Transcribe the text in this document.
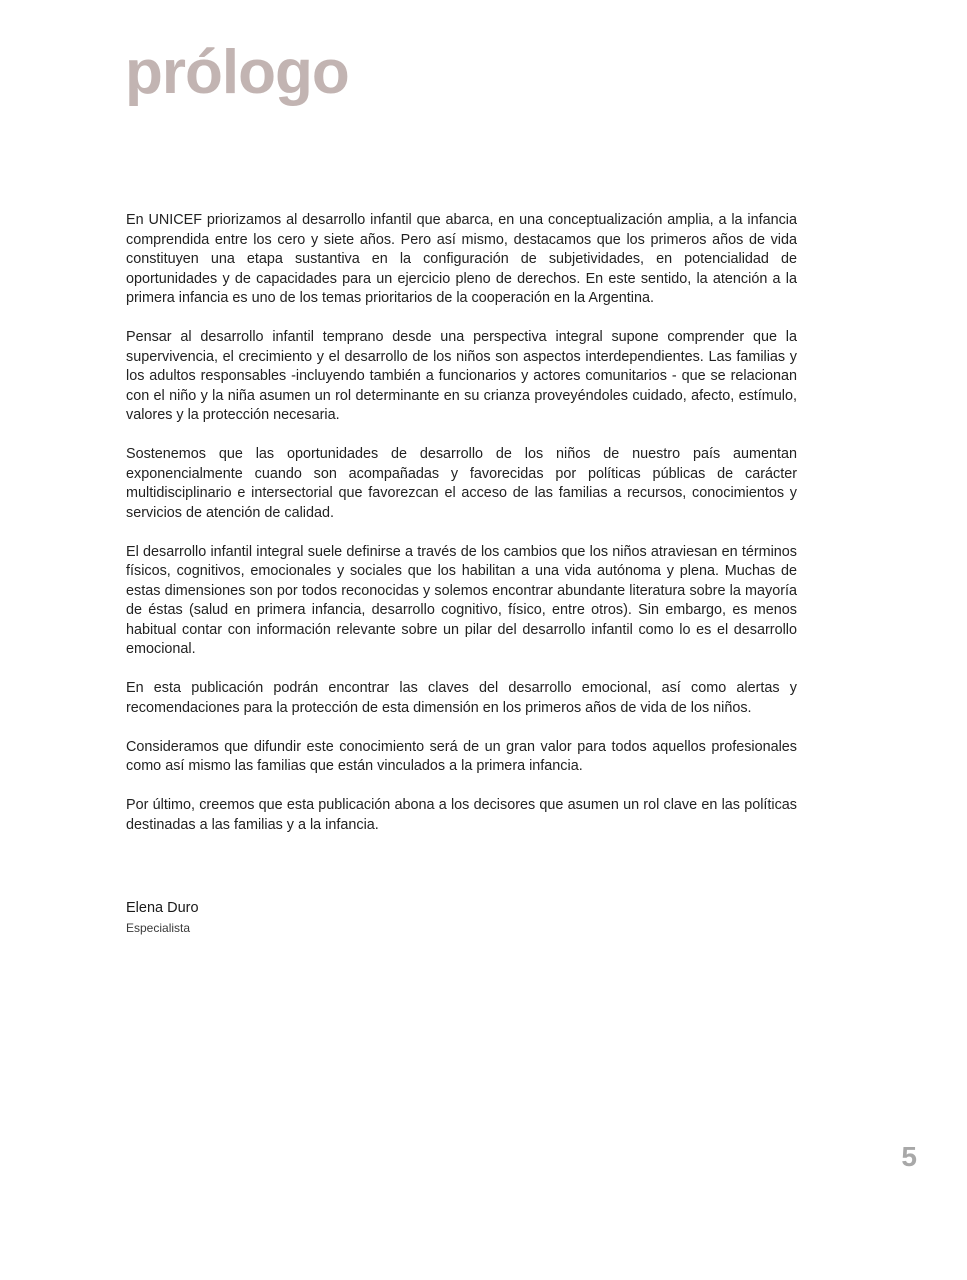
prólogo

En UNICEF priorizamos al desarrollo infantil que abarca, en una conceptualización amplia, a la infancia comprendida entre los cero y siete años. Pero así mismo, destacamos que los primeros años de vida constituyen una etapa sustantiva en la configuración de subjetividades, en potencialidad de oportunidades y de capacidades para un ejercicio pleno de derechos. En este sentido, la atención a la primera infancia es uno de los temas prioritarios de la cooperación en la Argentina.

Pensar al desarrollo infantil temprano desde una perspectiva integral supone comprender que la supervivencia, el crecimiento y el desarrollo de los niños son aspectos interdependientes. Las familias y los adultos responsables -incluyendo también a funcionarios y actores comunitarios - que se relacionan con el niño y la niña asumen un rol determinante en su crianza proveyéndoles cuidado, afecto, estímulo, valores y la protección necesaria.

Sostenemos que las oportunidades de desarrollo de los niños de nuestro país aumentan exponencialmente cuando son acompañadas y favorecidas por políticas públicas de carácter multidisciplinario e intersectorial que favorezcan el acceso de las familias a recursos, conocimientos y servicios de atención de calidad.

El desarrollo infantil integral suele definirse a través de los cambios que los niños atraviesan en términos físicos, cognitivos, emocionales y sociales que los habilitan a una vida autónoma y plena. Muchas de estas dimensiones son por todos reconocidas y solemos encontrar abundante literatura sobre la mayoría de éstas (salud en primera infancia, desarrollo cognitivo, físico, entre otros). Sin embargo, es menos habitual contar con información relevante sobre un pilar del desarrollo infantil como lo es el desarrollo emocional.

En esta publicación podrán encontrar las claves del desarrollo emocional, así como alertas y recomendaciones para la protección de esta dimensión en los primeros años de vida de los niños.

Consideramos que difundir este conocimiento será de un gran valor para todos aquellos profesionales como así mismo las familias que están vinculados a la primera infancia.

Por último, creemos que esta publicación abona a los decisores que asumen un rol clave en las políticas destinadas a las familias y a la infancia.

Elena Duro
Especialista
5
